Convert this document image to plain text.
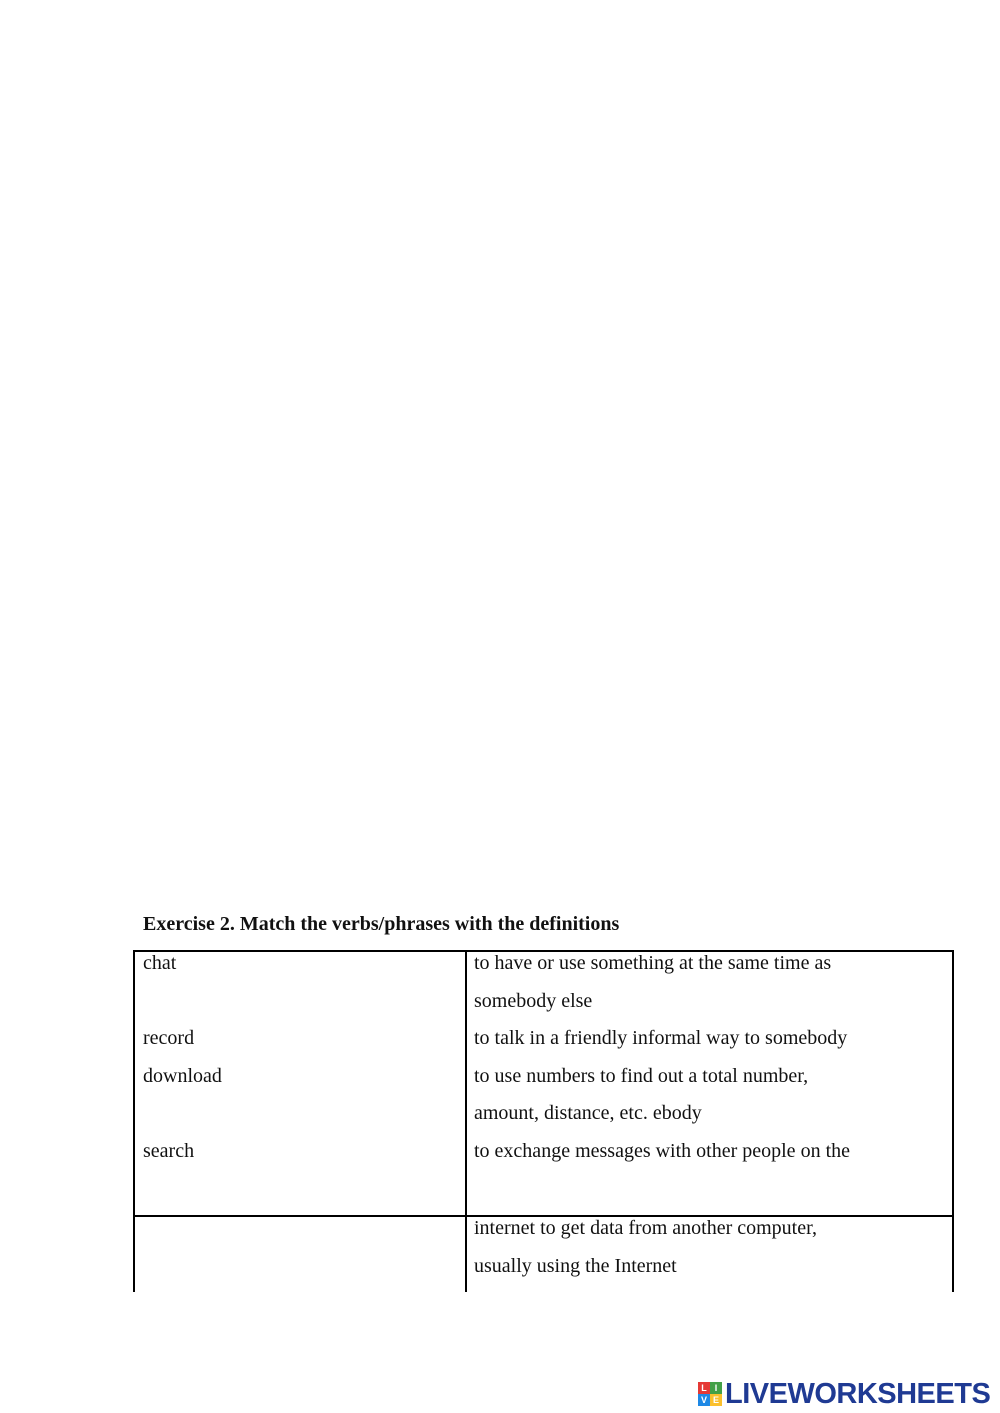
Exercise 2. Match the verbs/phrases with the definitions

chat

record

download

search

to have or use something at the same time as

somebody else

to talk in a friendly informal way to somebody

to use numbers to find out a total number,

amount, distance, etc. ebody

to exchange messages with other people on the

internet to get data from another computer,

usually using the Internet

L I
V E LIVEWORKSHEETS
